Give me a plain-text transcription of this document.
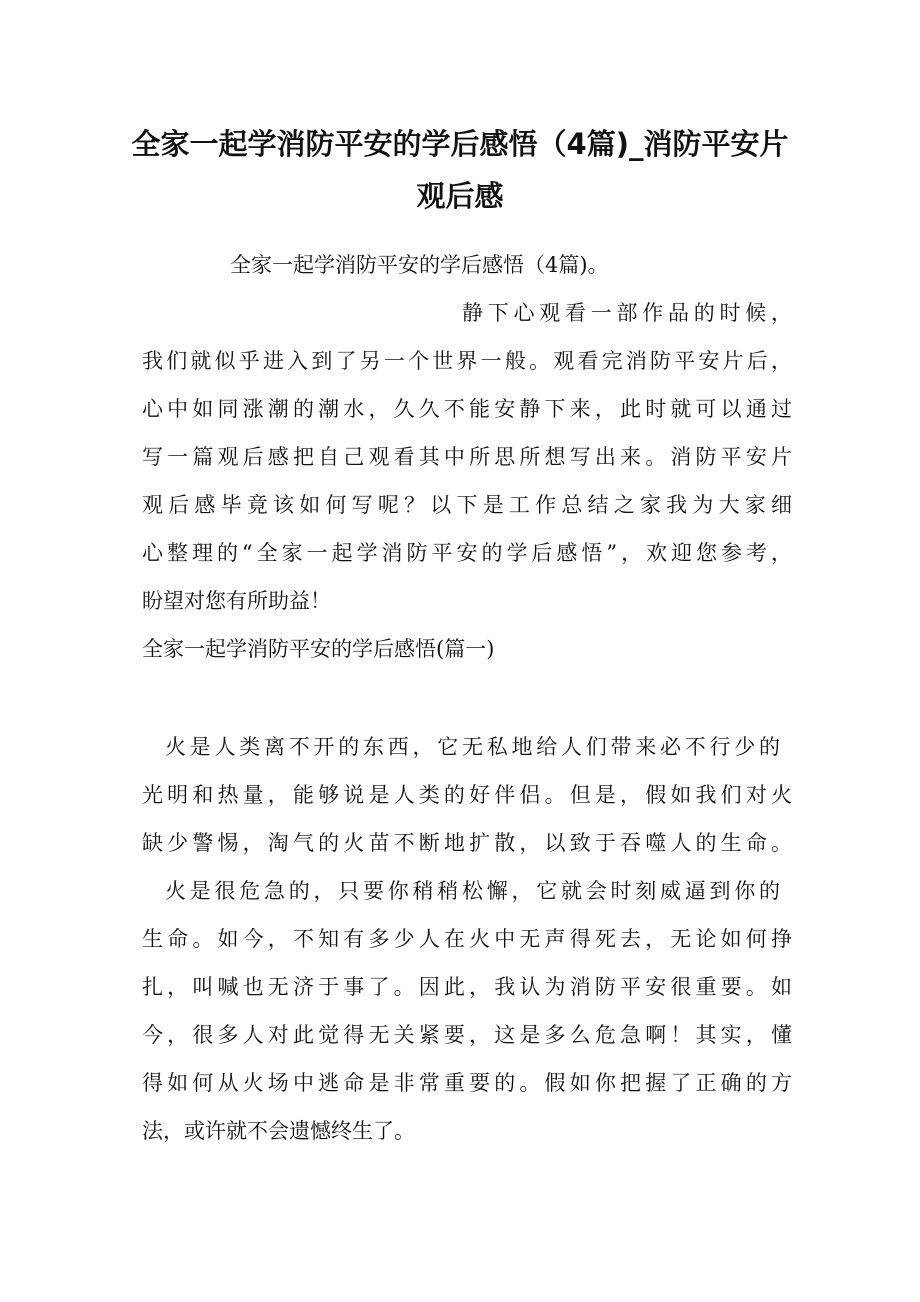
全家一起学消防平安的学后感悟（4篇)_消防平安片观后感

全家一起学消防平安的学后感悟（4篇)。

静下心观看一部作品的时候，

我们就似乎进入到了另一个世界一般。观看完消防平安片后，

心中如同涨潮的潮水，久久不能安静下来，此时就可以通过

写一篇观后感把自己观看其中所思所想写出来。消防平安片

观后感毕竟该如何写呢？以下是工作总结之家我为大家细

心整理的“全家一起学消防平安的学后感悟”，欢迎您参考，

盼望对您有所助益！

全家一起学消防平安的学后感悟(篇一)

火是人类离不开的东西，它无私地给人们带来必不行少的

光明和热量，能够说是人类的好伴侣。但是，假如我们对火

缺少警惕，淘气的火苗不断地扩散，以致于吞噬人的生命。

火是很危急的，只要你稍稍松懈，它就会时刻威逼到你的

生命。如今，不知有多少人在火中无声得死去，无论如何挣

扎，叫喊也无济于事了。因此，我认为消防平安很重要。如

今，很多人对此觉得无关紧要，这是多么危急啊！其实，懂

得如何从火场中逃命是非常重要的。假如你把握了正确的方

法，或许就不会遗憾终生了。
